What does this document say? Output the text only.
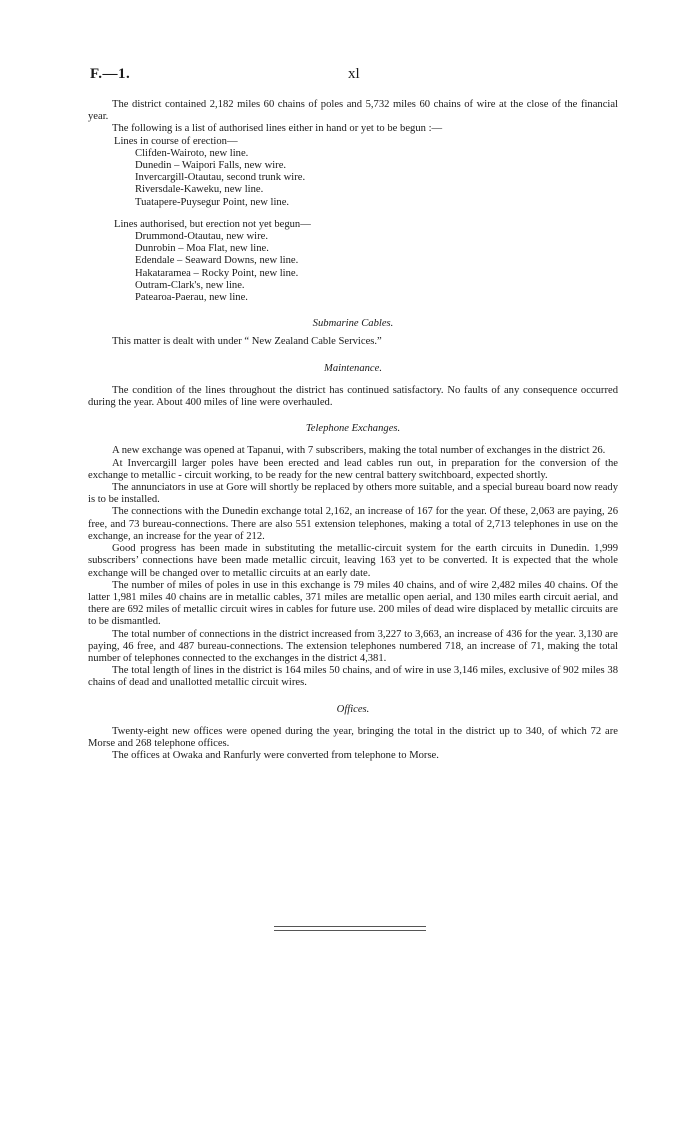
F.—1.	xl

The district contained 2,182 miles 60 chains of poles and 5,732 miles 60 chains of wire at the close of the financial year.

The following is a list of authorised lines either in hand or yet to be begun :—

Lines in course of erection—
Clifden-Wairoto, new line.
Dunedin – Waipori Falls, new wire.
Invercargill-Otautau, second trunk wire.
Riversdale-Kaweku, new line.
Tuatapere-Puysegur Point, new line.
Lines authorised, but erection not yet begun—
Drummond-Otautau, new wire.
Dunrobin – Moa Flat, new line.
Edendale – Seaward Downs, new line.
Hakataramea – Rocky Point, new line.
Outram-Clark's, new line.
Patearoa-Paerau, new line.
Submarine Cables.

This matter is dealt with under “ New Zealand Cable Services.”

Maintenance.

The condition of the lines throughout the district has continued satisfactory. No faults of any consequence occurred during the year. About 400 miles of line were overhauled.

Telephone Exchanges.

A new exchange was opened at Tapanui, with 7 subscribers, making the total number of exchanges in the district 26.

At Invercargill larger poles have been erected and lead cables run out, in preparation for the conversion of the exchange to metallic - circuit working, to be ready for the new central battery switchboard, expected shortly.

The annunciators in use at Gore will shortly be replaced by others more suitable, and a special bureau board now ready is to be installed.

The connections with the Dunedin exchange total 2,162, an increase of 167 for the year. Of these, 2,063 are paying, 26 free, and 73 bureau-connections. There are also 551 extension telephones, making a total of 2,713 telephones in use on the exchange, an increase for the year of 212.

Good progress has been made in substituting the metallic-circuit system for the earth circuits in Dunedin. 1,999 subscribers’ connections have been made metallic circuit, leaving 163 yet to be converted. It is expected that the whole exchange will be changed over to metallic circuits at an early date.

The number of miles of poles in use in this exchange is 79 miles 40 chains, and of wire 2,482 miles 40 chains. Of the latter 1,981 miles 40 chains are in metallic cables, 371 miles are metallic open aerial, and 130 miles earth circuit aerial, and there are 692 miles of metallic circuit wires in cables for future use. 200 miles of dead wire displaced by metallic circuits are to be dismantled.

The total number of connections in the district increased from 3,227 to 3,663, an increase of 436 for the year. 3,130 are paying, 46 free, and 487 bureau-connections. The extension telephones numbered 718, an increase of 71, making the total number of telephones connected to the exchanges in the district 4,381.

The total length of lines in the district is 164 miles 50 chains, and of wire in use 3,146 miles, exclusive of 902 miles 38 chains of dead and unallotted metallic circuit wires.

Offices.

Twenty-eight new offices were opened during the year, bringing the total in the district up to 340, of which 72 are Morse and 268 telephone offices.

The offices at Owaka and Ranfurly were converted from telephone to Morse.
